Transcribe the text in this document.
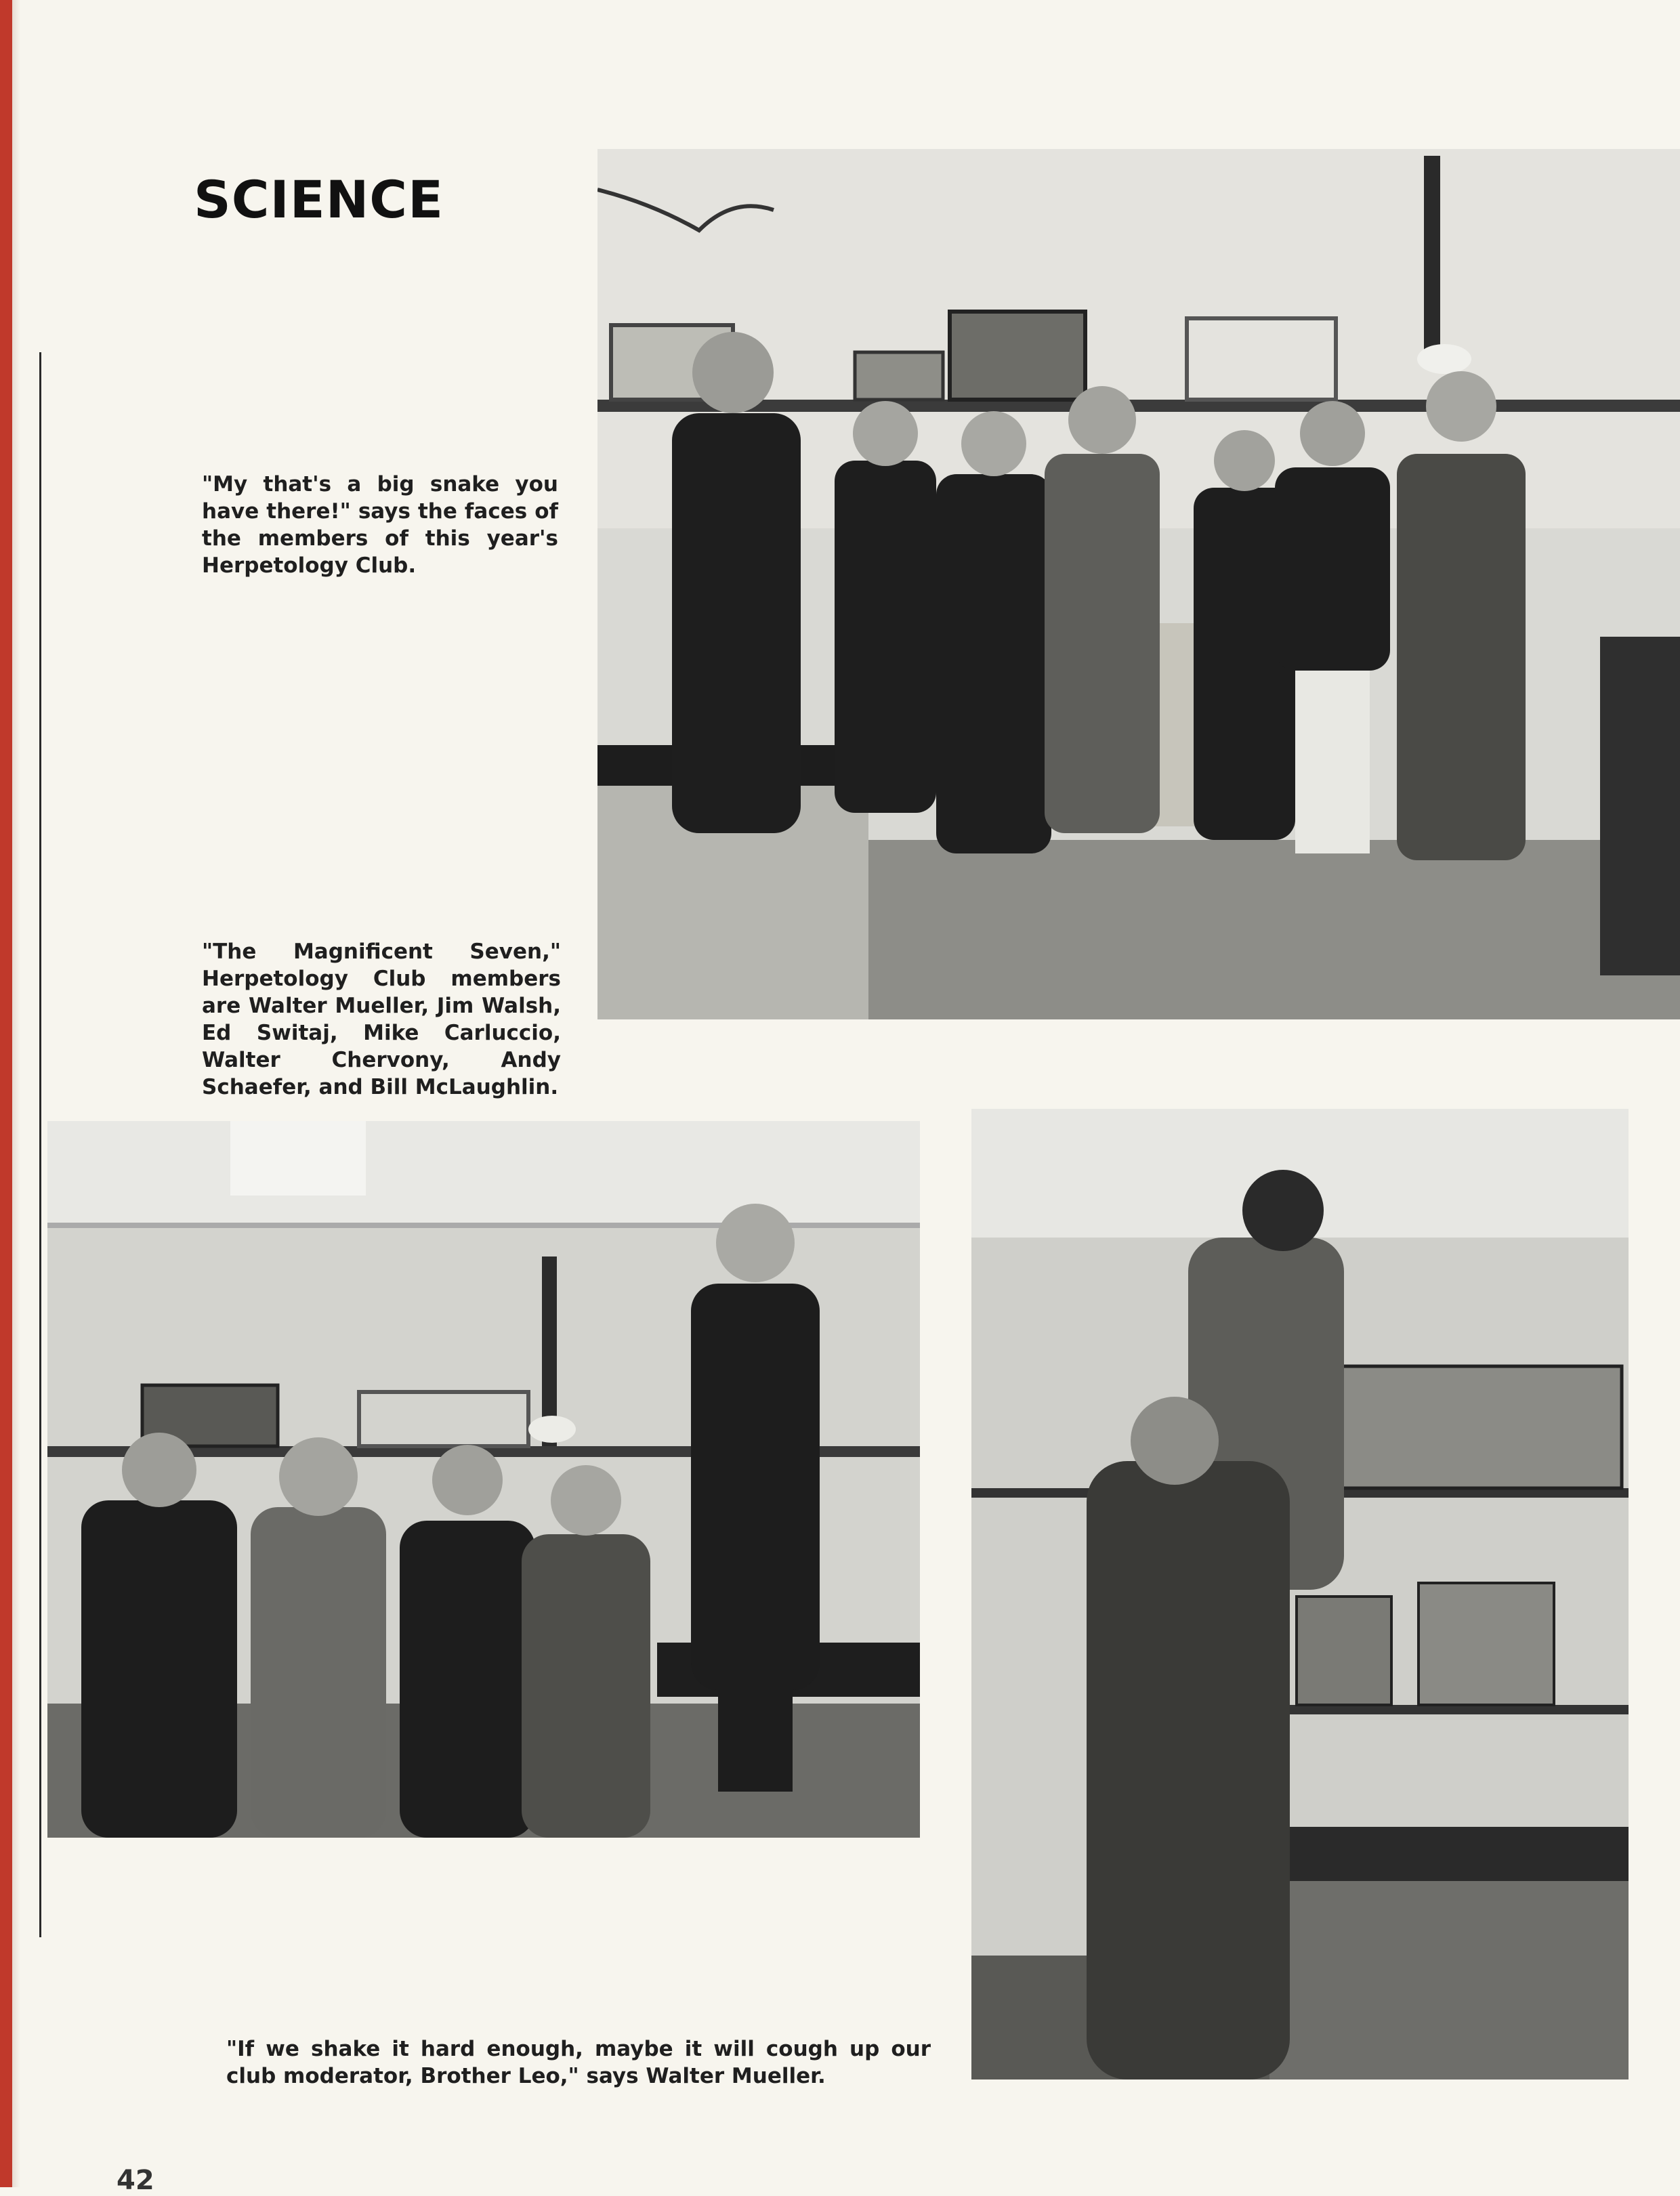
SCIENCE
"My that's a big snake you have there!" says the faces of the members of this year's Herpetology Club.
"The Magnificent Seven," Herpetology Club members are Walter Mueller, Jim Walsh, Ed Switaj, Mike Carluccio, Walter Chervony, Andy Schaefer, and Bill McLaughlin.
"If we shake it hard enough, maybe it will cough up our club moderator, Brother Leo," says Walter Mueller.
42
